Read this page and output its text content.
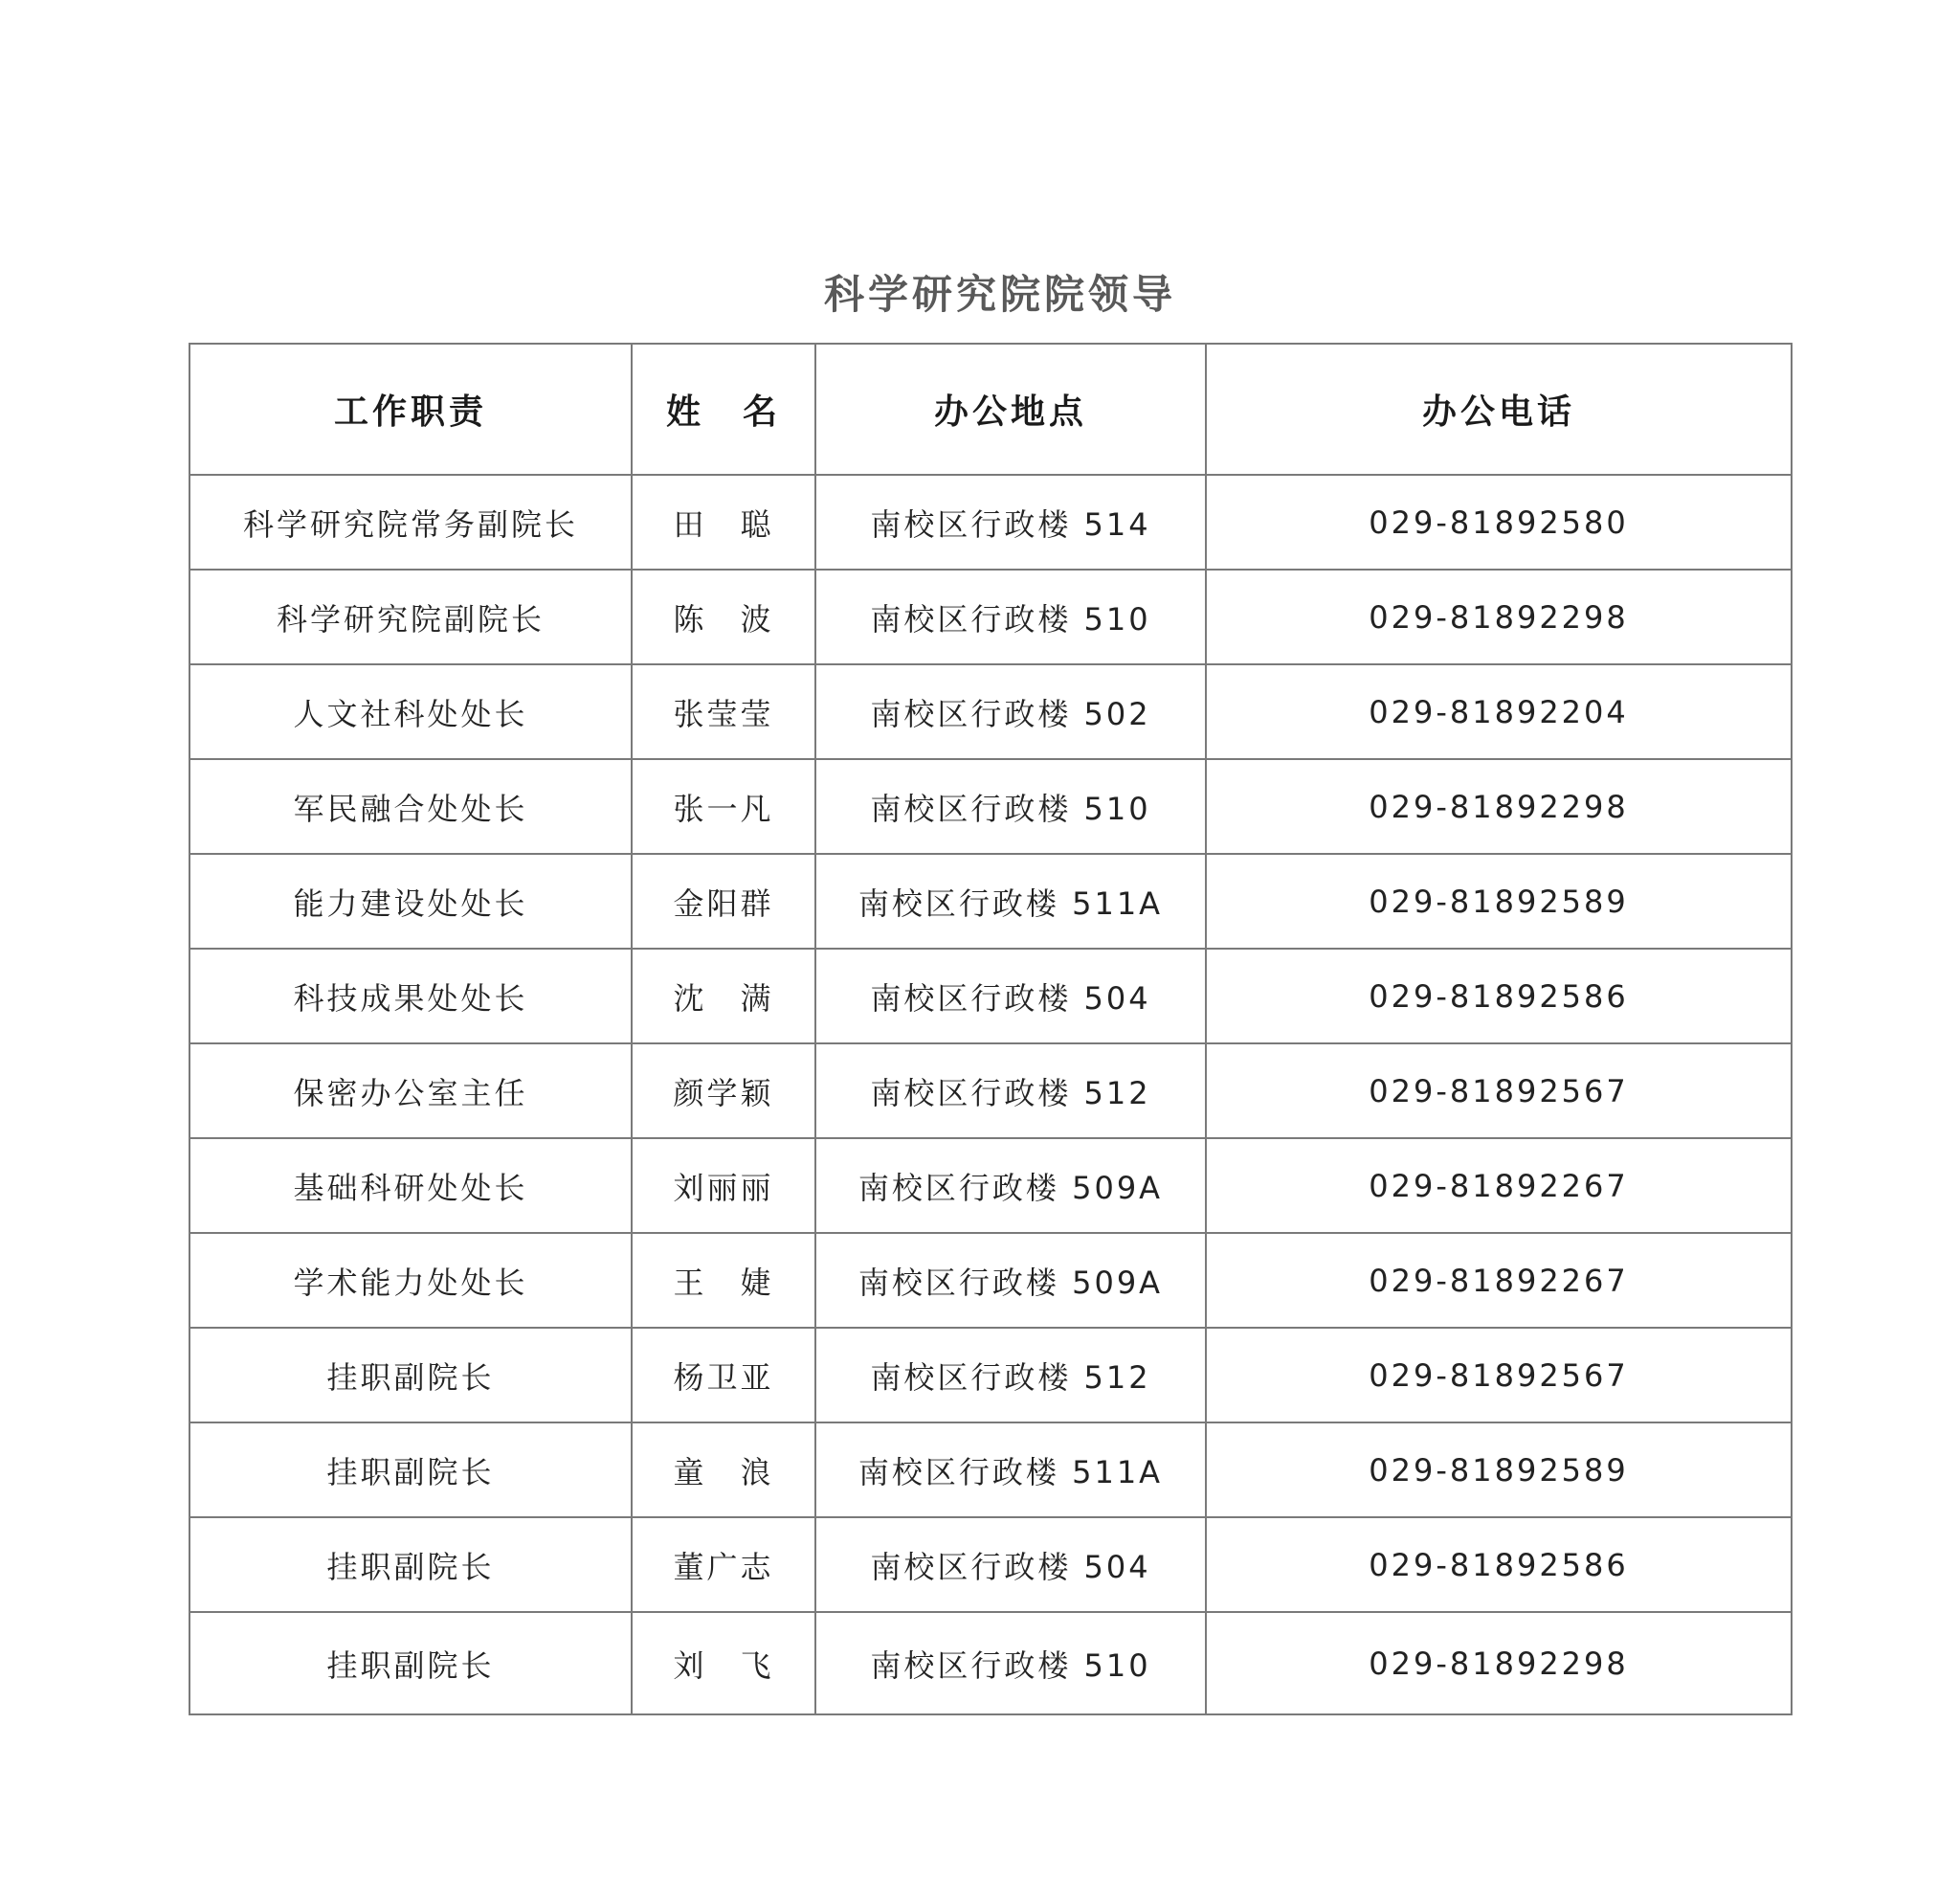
科学研究院院领导
工作职责	姓　名	办公地点	办公电话
科学研究院常务副院长	田　聪	南校区行政楼 514	029-81892580
科学研究院副院长	陈　波	南校区行政楼 510	029-81892298
人文社科处处长	张莹莹	南校区行政楼 502	029-81892204
军民融合处处长	张一凡	南校区行政楼 510	029-81892298
能力建设处处长	金阳群	南校区行政楼 511A	029-81892589
科技成果处处长	沈　满	南校区行政楼 504	029-81892586
保密办公室主任	颜学颖	南校区行政楼 512	029-81892567
基础科研处处长	刘丽丽	南校区行政楼 509A	029-81892267
学术能力处处长	王　婕	南校区行政楼 509A	029-81892267
挂职副院长	杨卫亚	南校区行政楼 512	029-81892567
挂职副院长	童　浪	南校区行政楼 511A	029-81892589
挂职副院长	董广志	南校区行政楼 504	029-81892586
挂职副院长	刘　飞	南校区行政楼 510	029-81892298
